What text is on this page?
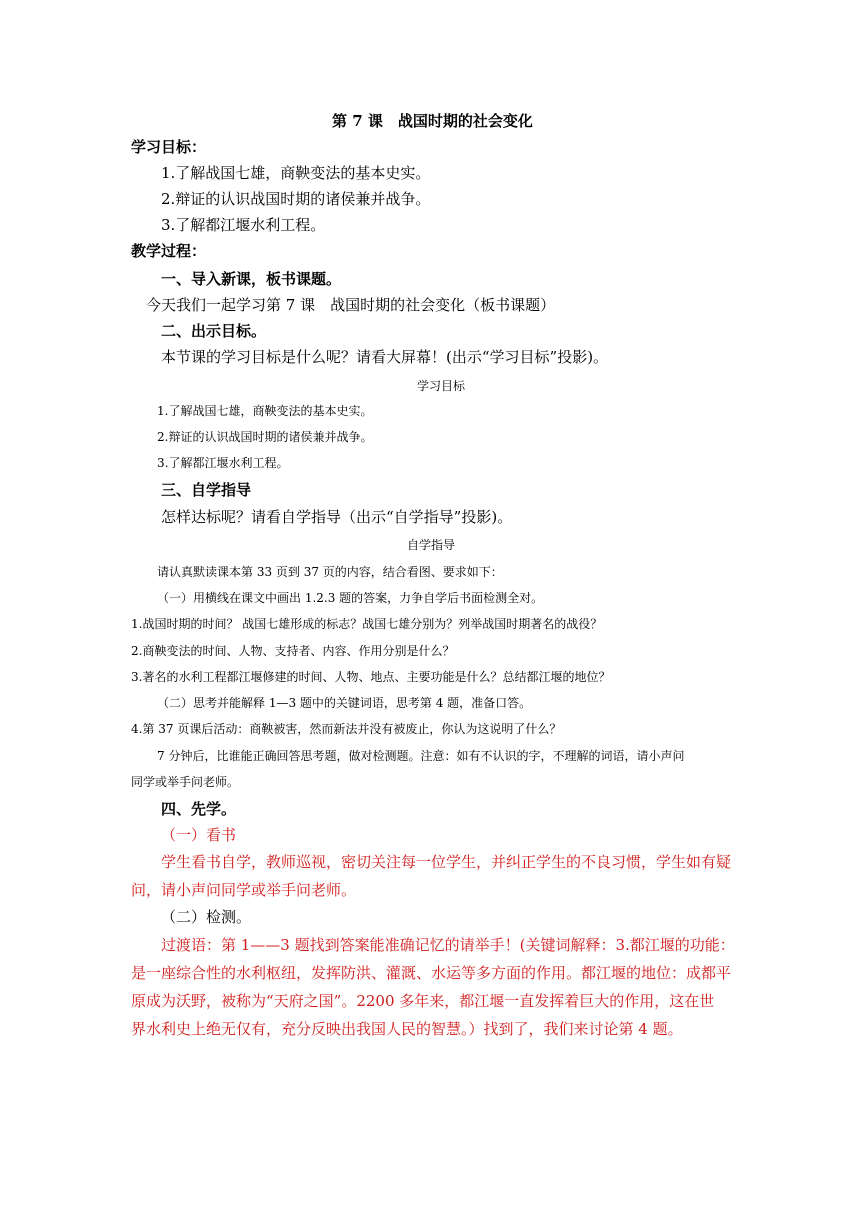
第 7 课　战国时期的社会变化
学习目标：
1.了解战国七雄，商鞅变法的基本史实。
2.辩证的认识战国时期的诸侯兼并战争。
3.了解都江堰水利工程。
教学过程：
一、导入新课，板书课题。
今天我们一起学习第 7 课　战国时期的社会变化（板书课题）
二、出示目标。
本节课的学习目标是什么呢？请看大屏幕！(出示“学习目标”投影)。
学习目标
1.了解战国七雄，商鞅变法的基本史实。
2.辩证的认识战国时期的诸侯兼并战争。
3.了解都江堰水利工程。
三、自学指导
怎样达标呢？请看自学指导（出示“自学指导”投影)。
自学指导
请认真默读课本第 33 页到 37 页的内容，结合看图、要求如下：
（一）用横线在课文中画出 1.2.3 题的答案，力争自学后书面检测全对。
1.战国时期的时间？ 战国七雄形成的标志？战国七雄分别为？列举战国时期著名的战役？
2.商鞅变法的时间、人物、支持者、内容、作用分别是什么？
3.著名的水利工程都江堰修建的时间、人物、地点、主要功能是什么？总结都江堰的地位？
（二）思考并能解释 1—3 题中的关键词语，思考第 4 题，准备口答。
4.第 37 页课后活动：商鞅被害，然而新法并没有被废止，你认为这说明了什么？
7 分钟后，比谁能正确回答思考题，做对检测题。注意：如有不认识的字，不理解的词语，请小声问
同学或举手问老师。
四、先学。
（一）看书
学生看书自学，教师巡视，密切关注每一位学生，并纠正学生的不良习惯，学生如有疑
问，请小声问同学或举手问老师。
（二）检测。
过渡语：第 1——3 题找到答案能准确记忆的请举手！(关键词解释：3.都江堰的功能：
是一座综合性的水利枢纽，发挥防洪、灌溉、水运等多方面的作用。都江堰的地位：成都平
原成为沃野，被称为“天府之国”。2200 多年来，都江堰一直发挥着巨大的作用，这在世
界水利史上绝无仅有，充分反映出我国人民的智慧。）找到了，我们来讨论第 4 题。
